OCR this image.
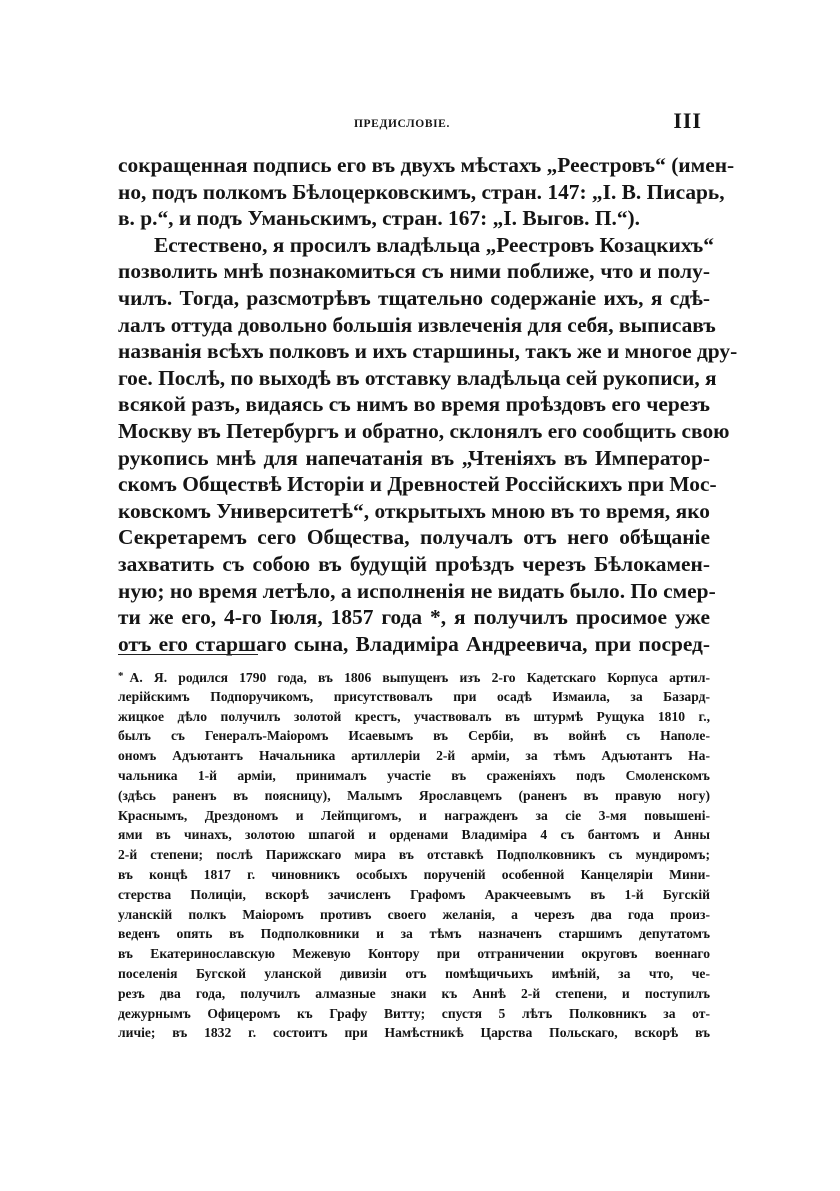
ПРЕДИСЛОВІЕ.	III
сокращенная подпись его въ двухъ мѣстахъ „Реестровъ“ (имен-
но, подъ полкомъ Бѣлоцерковскимъ, стран. 147: „І. В. Писарь,
в. р.“, и подъ Уманьскимъ, стран. 167: „І. Выгов. П.“).
Естествено, я просилъ владѣльца „Реестровъ Козацкихъ“
позволить мнѣ познакомиться съ ними поближе, что и полу-
чилъ. Тогда, разсмотрѣвъ тщательно содержаніе ихъ, я сдѣ-
лалъ оттуда довольно большія извлеченія для себя, выписавъ
названія всѣхъ полковъ и ихъ старшины, такъ же и многое дру-
гое. Послѣ, по выходѣ въ отставку владѣльца сей рукописи, я
всякой разъ, видаясь съ нимъ во время проѣздовъ его черезъ
Москву въ Петербургъ и обратно, склонялъ его сообщить свою
рукопись мнѣ для напечатанія въ „Чтеніяхъ въ Император-
скомъ Обществѣ Исторіи и Древностей Россійскихъ при Мос-
ковскомъ Университетѣ“, открытыхъ мною въ то время, яко
Секретаремъ сего Общества, получалъ отъ него обѣщаніе
захватить съ собою въ будущій проѣздъ черезъ Бѣлокамен-
ную; но время летѣло, а исполненія не видать было. По смер-
ти же его, 4-го Іюля, 1857 года *, я получилъ просимое уже
отъ его старшаго сына, Владиміра Андреевича, при посред-
* А. Я. родился 1790 года, въ 1806 выпущенъ изъ 2-го Кадетскаго Корпуса артил-
лерійскимъ Подпоручикомъ, присутствовалъ при осадѣ Измаила, за Базард-
жицкое дѣло получилъ золотой крестъ, участвовалъ въ штурмѣ Рущука 1810 г.,
былъ съ Генералъ-Маіоромъ Исаевымъ въ Сербіи, въ войнѣ съ Наполе-
ономъ Адъютантъ Начальника артиллеріи 2-й арміи, за тѣмъ Адъютантъ На-
чальника 1-й арміи, принималъ участіе въ сраженіяхъ подъ Смоленскомъ
(здѣсь раненъ въ поясницу), Малымъ Ярославцемъ (раненъ въ правую ногу)
Краснымъ, Дрездономъ и Лейпцигомъ, и награжденъ за сіе 3-мя повышені-
ями въ чинахъ, золотою шпагой и орденами Владиміра 4 съ бантомъ и Анны
2-й степени; послѣ Парижскаго мира въ отставкѣ Подполковникъ съ мундиромъ;
въ концѣ 1817 г. чиновникъ особыхъ порученій особенной Канцеляріи Мини-
стерства Полиціи, вскорѣ зачисленъ Графомъ Аракчеевымъ въ 1-й Бугскій
уланскій полкъ Маіоромъ противъ своего желанія, а черезъ два года произ-
веденъ опять въ Подполковники и за тѣмъ назначенъ старшимъ депутатомъ
въ Екатеринославскую Межевую Контору при отграничении округовъ военнаго
поселенія Бугской уланской дивизіи отъ помѣщичьихъ имѣній, за что, че-
резъ два года, получилъ алмазные знаки къ Аннѣ 2-й степени, и поступилъ
дежурнымъ Офицеромъ къ Графу Витту; спустя 5 лѣтъ Полковникъ за от-
личіе; въ 1832 г. состоитъ при Намѣстникѣ Царства Польскаго, вскорѣ въ
